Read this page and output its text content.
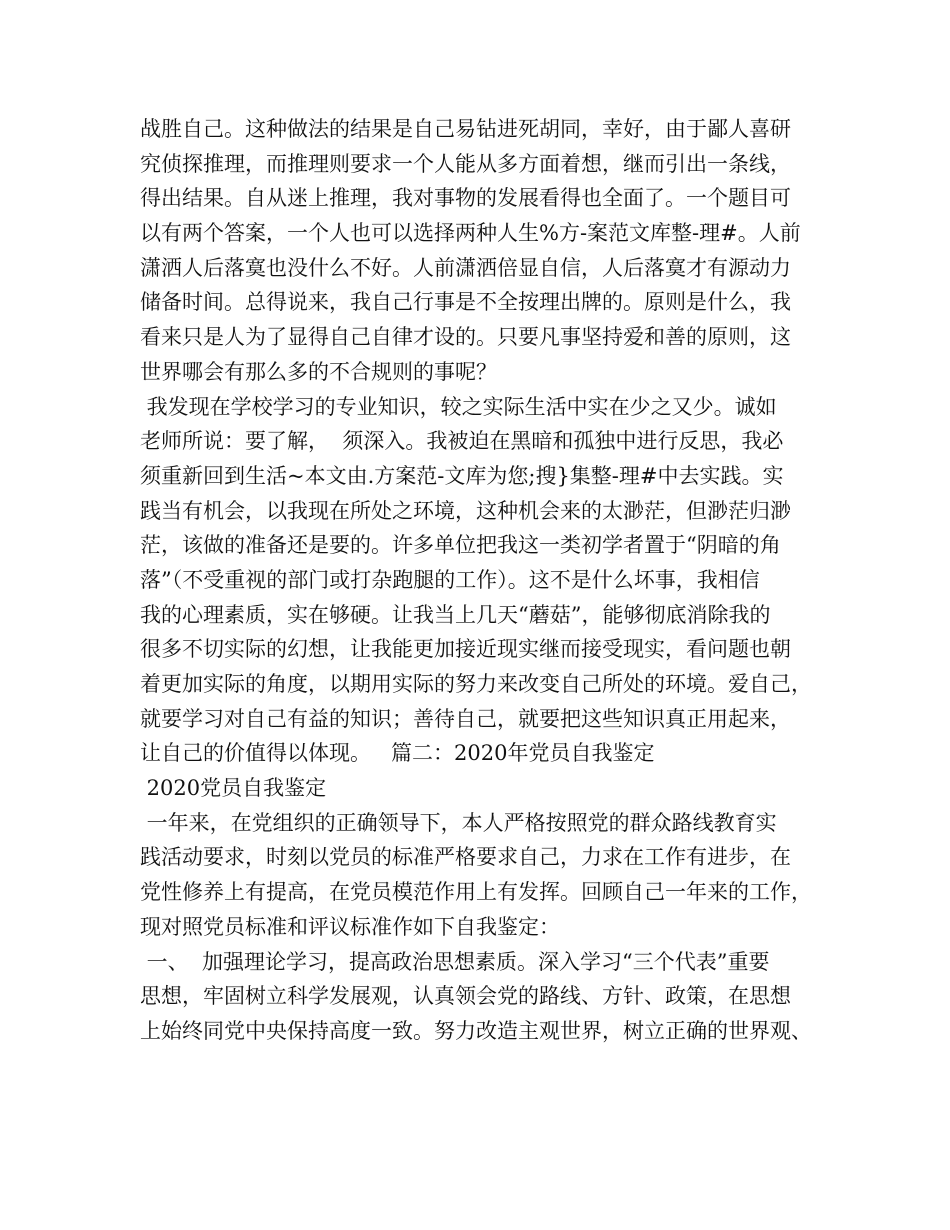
战胜自己。这种做法的结果是自己易钻进死胡同，幸好，由于鄙人喜研
究侦探推理，而推理则要求一个人能从多方面着想，继而引出一条线，
得出结果。自从迷上推理，我对事物的发展看得也全面了。一个题目可
以有两个答案，一个人也可以选择两种人生%方-案范文库整-理#。人前
潇洒人后落寞也没什么不好。人前潇洒倍显自信，人后落寞才有源动力
储备时间。总得说来，我自己行事是不全按理出牌的。原则是什么，我
看来只是人为了显得自己自律才设的。只要凡事坚持爱和善的原则，这
世界哪会有那么多的不合规则的事呢？
我发现在学校学习的专业知识，较之实际生活中实在少之又少。诚如
老师所说：要了解，  须深入。我被迫在黑暗和孤独中进行反思，我必
须重新回到生活~本文由.方案范-文库为您;搜}集整-理#中去实践。实
践当有机会，以我现在所处之环境，这种机会来的太渺茫，但渺茫归渺
茫，该做的准备还是要的。许多单位把我这一类初学者置于“阴暗的角
落”（不受重视的部门或打杂跑腿的工作）。这不是什么坏事，我相信
我的心理素质，实在够硬。让我当上几天“蘑菇”，能够彻底消除我的
很多不切实际的幻想，让我能更加接近现实继而接受现实，看问题也朝
着更加实际的角度，以期用实际的努力来改变自己所处的环境。爱自己，
就要学习对自己有益的知识；善待自己，就要把这些知识真正用起来，
让自己的价值得以体现。   篇二：2020年党员自我鉴定
2020党员自我鉴定
一年来，在党组织的正确领导下，本人严格按照党的群众路线教育实
践活动要求，时刻以党员的标准严格要求自己，力求在工作有进步，在
党性修养上有提高，在党员模范作用上有发挥。回顾自己一年来的工作，
现对照党员标准和评议标准作如下自我鉴定：
一、  加强理论学习，提高政治思想素质。深入学习“三个代表”重要
思想，牢固树立科学发展观，认真领会党的路线、方针、政策，在思想
上始终同党中央保持高度一致。努力改造主观世界，树立正确的世界观、
